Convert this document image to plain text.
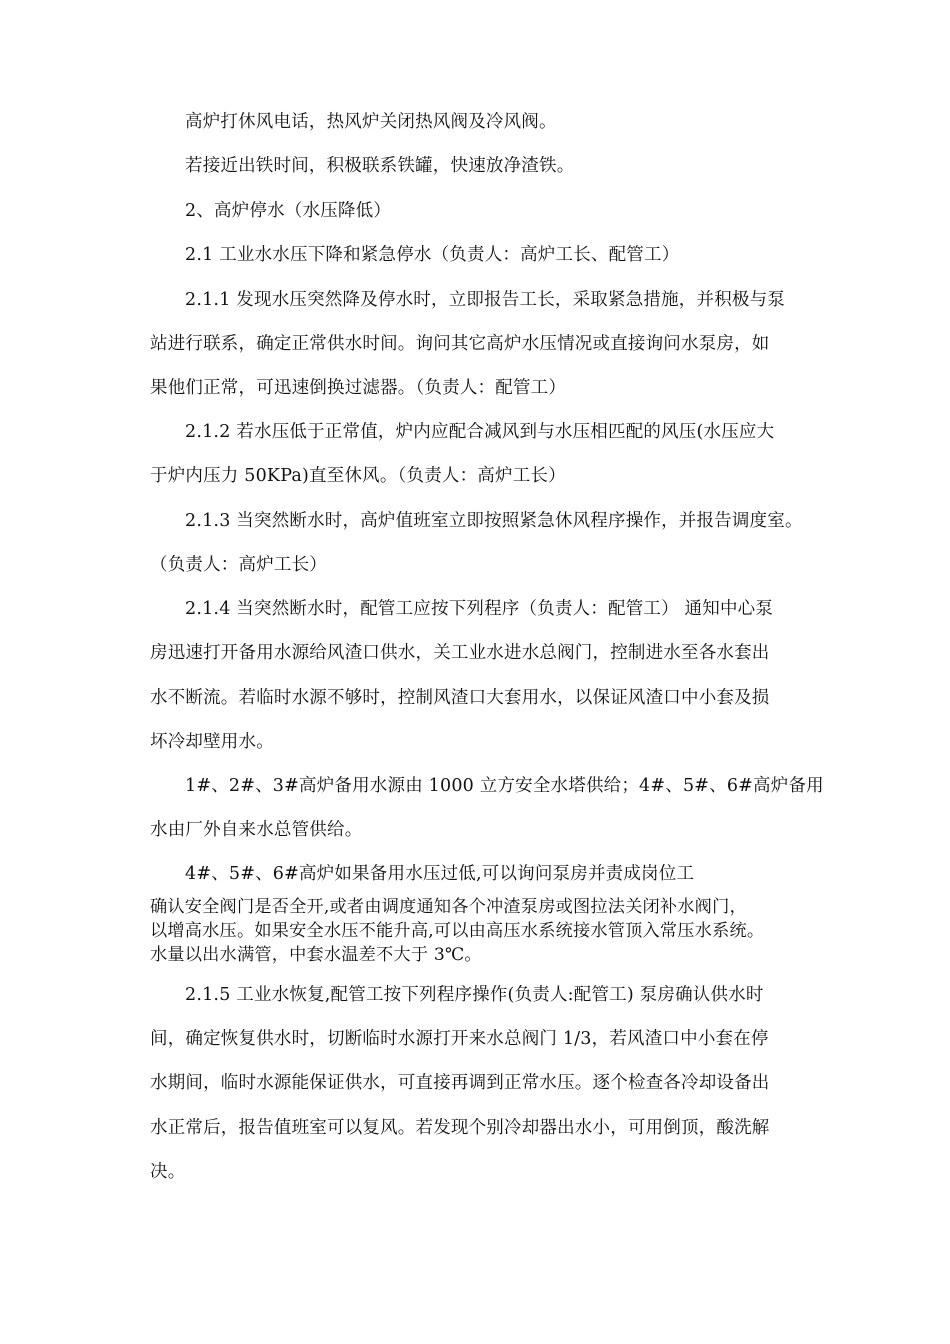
高炉打休风电话，热风炉关闭热风阀及冷风阀。
若接近出铁时间，积极联系铁罐，快速放净渣铁。
2、高炉停水（水压降低）
2.1 工业水水压下降和紧急停水（负责人：高炉工长、配管工）
2.1.1 发现水压突然降及停水时，立即报告工长，采取紧急措施，并积极与泵
站进行联系，确定正常供水时间。询问其它高炉水压情况或直接询问水泵房，如
果他们正常，可迅速倒换过滤器。（负责人：配管工）
2.1.2 若水压低于正常值，炉内应配合减风到与水压相匹配的风压(水压应大
于炉内压力 50KPa)直至休风。（负责人：高炉工长）
2.1.3 当突然断水时，高炉值班室立即按照紧急休风程序操作，并报告调度室。
（负责人：高炉工长）
2.1.4 当突然断水时，配管工应按下列程序（负责人：配管工） 通知中心泵
房迅速打开备用水源给风渣口供水，关工业水进水总阀门，控制进水至各水套出
水不断流。若临时水源不够时，控制风渣口大套用水，以保证风渣口中小套及损
坏冷却壁用水。
1#、2#、3#高炉备用水源由 1000 立方安全水塔供给；4#、5#、6#高炉备用
水由厂外自来水总管供给。
4#、5#、6#高炉如果备用水压过低,可以询问泵房并责成岗位工
确认安全阀门是否全开,或者由调度通知各个冲渣泵房或图拉法关闭补水阀门，
以增高水压。如果安全水压不能升高,可以由高压水系统接水管顶入常压水系统。
水量以出水满管，中套水温差不大于 3℃。
2.1.5 工业水恢复,配管工按下列程序操作(负责人:配管工) 泵房确认供水时
间，确定恢复供水时，切断临时水源打开来水总阀门 1/3，若风渣口中小套在停
水期间，临时水源能保证供水，可直接再调到正常水压。逐个检查各冷却设备出
水正常后，报告值班室可以复风。若发现个别冷却器出水小，可用倒顶，酸洗解
决。
